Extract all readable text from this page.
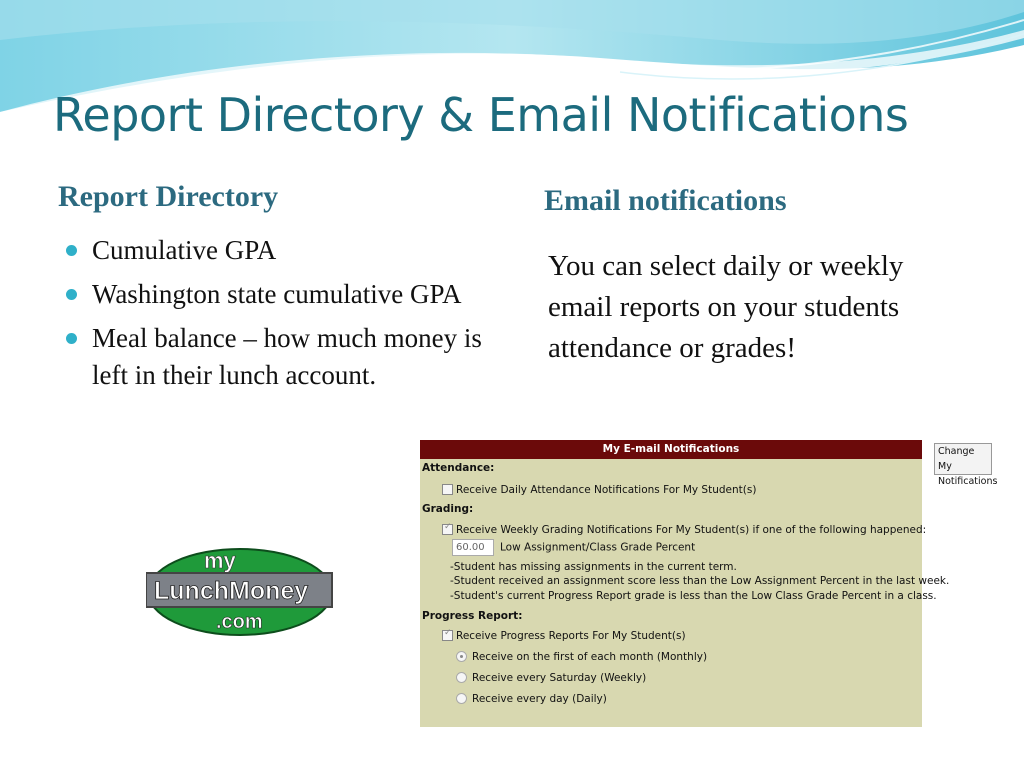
Report Directory & Email Notifications
Report Directory	Email notifications
Cumulative GPA
Washington state cumulative GPA
Meal balance – how much money is left in their lunch account.
You can select daily or weekly email reports on your students attendance or grades!
my
LunchMoney
.com
My E-mail Notifications
Attendance:
Receive Daily Attendance Notifications For My Student(s)
Grading:
✓Receive Weekly Grading Notifications For My Student(s) if one of the following happened:
60.00 Low Assignment/Class Grade Percent
-Student has missing assignments in the current term.
-Student received an assignment score less than the Low Assignment Percent in the last week.
-Student's current Progress Report grade is less than the Low Class Grade Percent in a class.
Progress Report:
✓Receive Progress Reports For My Student(s)
Receive on the first of each month (Monthly)
Receive every Saturday (Weekly)
Receive every day (Daily)
Change My Notifications
